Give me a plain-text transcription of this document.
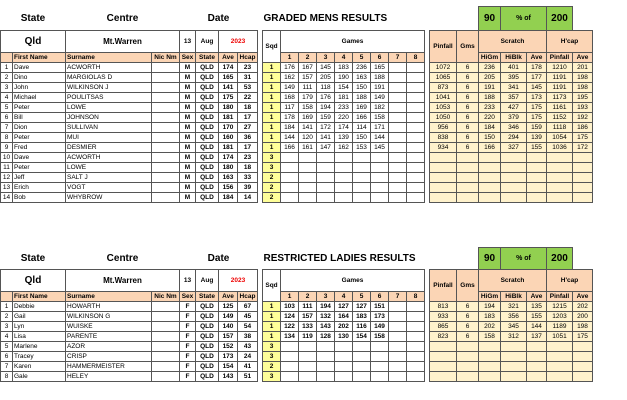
State		Centre		Date					GRADED MENS RESULTS												90	% of		200	
Qld		Mt.Warren		13	Aug	2023			Sqd	Games									Pinfall	Gms	Scratch			H'cap	
	First Name	Surname	Nic Nm	Sex	State	Ave	Hcap			1	2	3	4	5	6	7	8				HiGm	HiBlk	Ave	Pinfall	Ave
1	Dave	ACWORTH		M	QLD	174	23		1	176	167	145	183	236	165				1072	6	236	401	178	1210	201
2	Dino	MARGIOLAS D		M	QLD	165	31		1	162	157	205	190	163	188				1065	6	205	395	177	1191	198
3	John	WILKINSON J		M	QLD	141	53		1	149	111	118	154	150	191				873	6	191	341	145	1191	198
4	Michael	POULITSAS		M	QLD	175	22		1	168	179	176	181	188	149				1041	6	188	357	173	1173	195
5	Peter	LOWE		M	QLD	180	18		1	117	158	194	233	169	182				1053	6	233	427	175	1161	193
6	Bill	JOHNSON		M	QLD	181	17		1	178	169	159	220	166	158				1050	6	220	379	175	1152	192
7	Dion	SULLIVAN		M	QLD	170	27		1	184	141	172	174	114	171				956	6	184	346	159	1118	186
8	Peter	MUI		M	QLD	160	36		1	144	120	141	139	150	144				838	6	150	294	139	1054	175
9	Fred	DESMIER		M	QLD	181	17		1	166	161	147	162	153	145				934	6	166	327	155	1036	172
10	Dave	ACWORTH		M	QLD	174	23		3																
11	Peter	LOWE		M	QLD	180	18		3																
12	Jeff	SALT J		M	QLD	163	33		2																
13	Erich	VOGT		M	QLD	156	39		2																
14	Bob	WHYBROW		M	QLD	184	14		2																
State		Centre		Date					RESTRICTED LADIES RESULTS												90	% of		200	
Qld		Mt.Warren		13	Aug	2023			Sqd	Games									Pinfall	Gms	Scratch			H'cap	
	First Name	Surname	Nic Nm	Sex	State	Ave	Hcap			1	2	3	4	5	6	7	8				HiGm	HiBlk	Ave	Pinfall	Ave
1	Debbie	HOWARTH		F	QLD	125	67		1	103	111	194	127	127	151				813	6	194	321	135	1215	202
2	Gail	WILKINSON G		F	QLD	149	45		1	124	157	132	164	183	173				933	6	183	356	155	1203	200
3	Lyn	WUISKE		F	QLD	140	54		1	122	133	143	202	116	149				865	6	202	345	144	1189	198
4	Lisa	PARENTE		F	QLD	157	38		1	134	119	128	130	154	158				823	6	158	312	137	1051	175
5	Marlene	AZOR		F	QLD	152	43		3																
6	Tracey	CRISP		F	QLD	173	24		3																
7	Karen	HAMMERMEISTER		F	QLD	154	41		2																
8	Gale	HELEY		F	QLD	143	51		3																
